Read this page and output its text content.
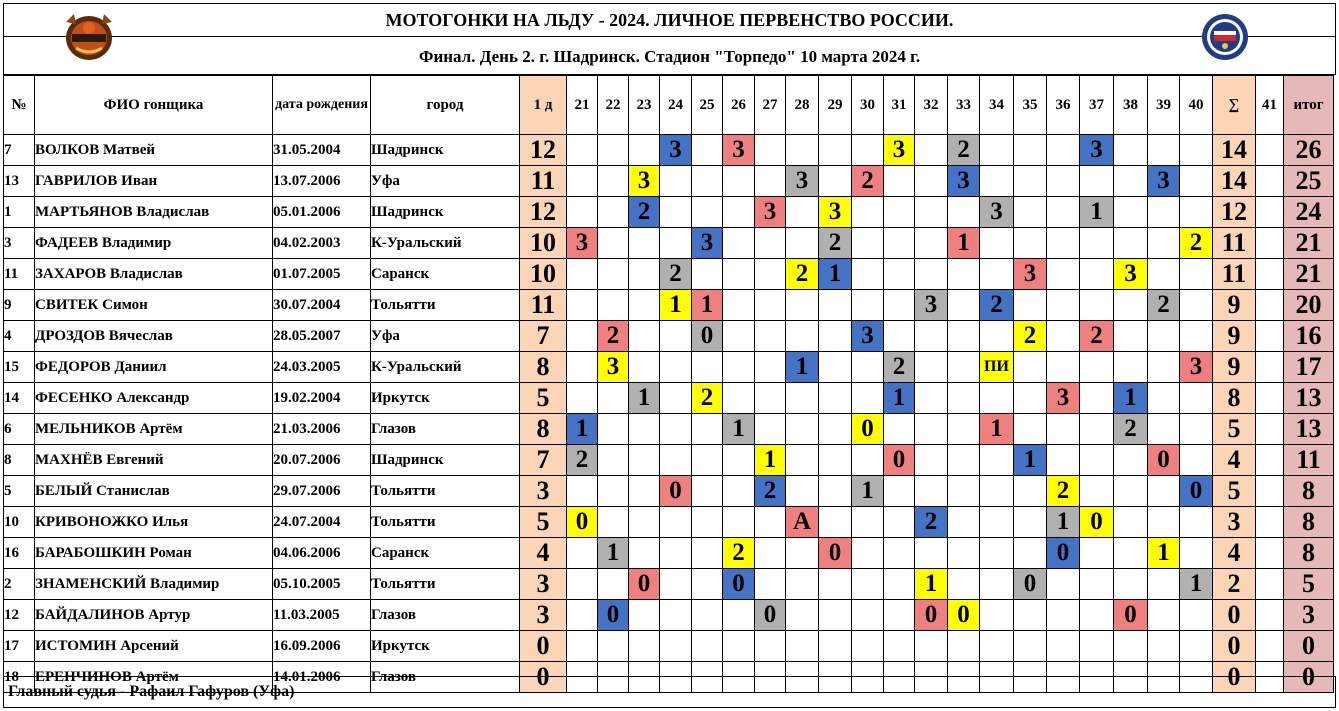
МОТОГОНКИ НА ЛЬДУ - 2024. ЛИЧНОЕ ПЕРВЕНСТВО РОССИИ.
Финал. День 2. г. Шадринск. Стадион "Торпедо" 10 марта 2024 г.
№	ФИО гонщика	дата рождения	город	1 д	21	22	23	24	25	26	27	28	29	30	31	32	33	34	35	36	37	38	39	40	∑	41	итог
7	ВОЛКОВ Матвей	31.05.2004	Шадринск	12				3		3					3		2				3				14		26
13	ГАВРИЛОВ Иван	13.07.2006	Уфа	11			3					3		2			3						3		14		25
1	МАРТЬЯНОВ Владислав	05.01.2006	Шадринск	12			2				3		3					3			1				12		24
3	ФАДЕЕВ Владимир	04.02.2003	К-Уральский	10	3				3				2				1							2	11		21
11	ЗАХАРОВ Владислав	01.07.2005	Саранск	10				2				2	1						3			3			11		21
9	СВИТЕК Симон	30.07.2004	Тольятти	11				1	1							3		2					2		9		20
4	ДРОЗДОВ Вячеслав	28.05.2007	Уфа	7		2			0					3					2		2				9		16
15	ФЕДОРОВ Даниил	24.03.2005	К-Уральский	8		3						1			2			ПИ						3	9		17
14	ФЕСЕНКО Александр	19.02.2004	Иркутск	5			1		2						1					3		1			8		13
6	МЕЛЬНИКОВ Артём	21.03.2006	Глазов	8	1					1				0				1				2			5		13
8	МАХНЁВ Евгений	20.07.2006	Шадринск	7	2						1				0				1				0		4		11
5	БЕЛЫЙ Станислав	29.07.2006	Тольятти	3				0			2			1						2				0	5		8
10	КРИВОНОЖКО Илья	24.07.2004	Тольятти	5	0							А				2				1	0				3		8
16	БАРАБОШКИН Роман	04.06.2006	Саранск	4		1				2			0							0			1		4		8
2	ЗНАМЕНСКИЙ Владимир	05.10.2005	Тольятти	3			0			0						1			0					1	2		5
12	БАЙДАЛИНОВ Артур	11.03.2005	Глазов	3		0					0					0	0					0			0		3
17	ИСТОМИН Арсений	16.09.2006	Иркутск	0																					0		0
18	ЕРЕНЧИНОВ Артём	14.01.2006	Глазов	0																					0		0
Главный судья - Рафаил Гафуров (Уфа)
